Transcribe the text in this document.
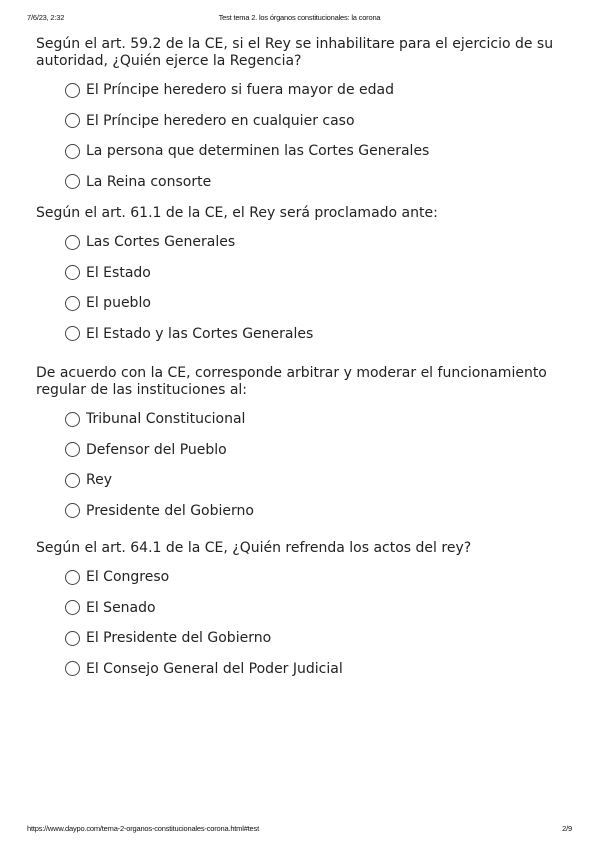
7/6/23, 2:32	Test tema 2. los órganos constitucionales: la corona

Según el art. 59.2 de la CE, si el Rey se inhabilitare para el ejercicio de su autoridad, ¿Quién ejerce la Regencia?

El Príncipe heredero si fuera mayor de edad
El Príncipe heredero en cualquier caso
La persona que determinen las Cortes Generales
La Reina consorte

Según el art. 61.1 de la CE, el Rey será proclamado ante:

Las Cortes Generales
El Estado
El pueblo
El Estado y las Cortes Generales

De acuerdo con la CE, corresponde arbitrar y moderar el funcionamiento regular de las instituciones al:

Tribunal Constitucional
Defensor del Pueblo
Rey
Presidente del Gobierno

Según el art. 64.1 de la CE, ¿Quién refrenda los actos del rey?

El Congreso
El Senado
El Presidente del Gobierno
El Consejo General del Poder Judicial
https://www.daypo.com/tema-2-organos-constitucionales-corona.html#test	2/9
